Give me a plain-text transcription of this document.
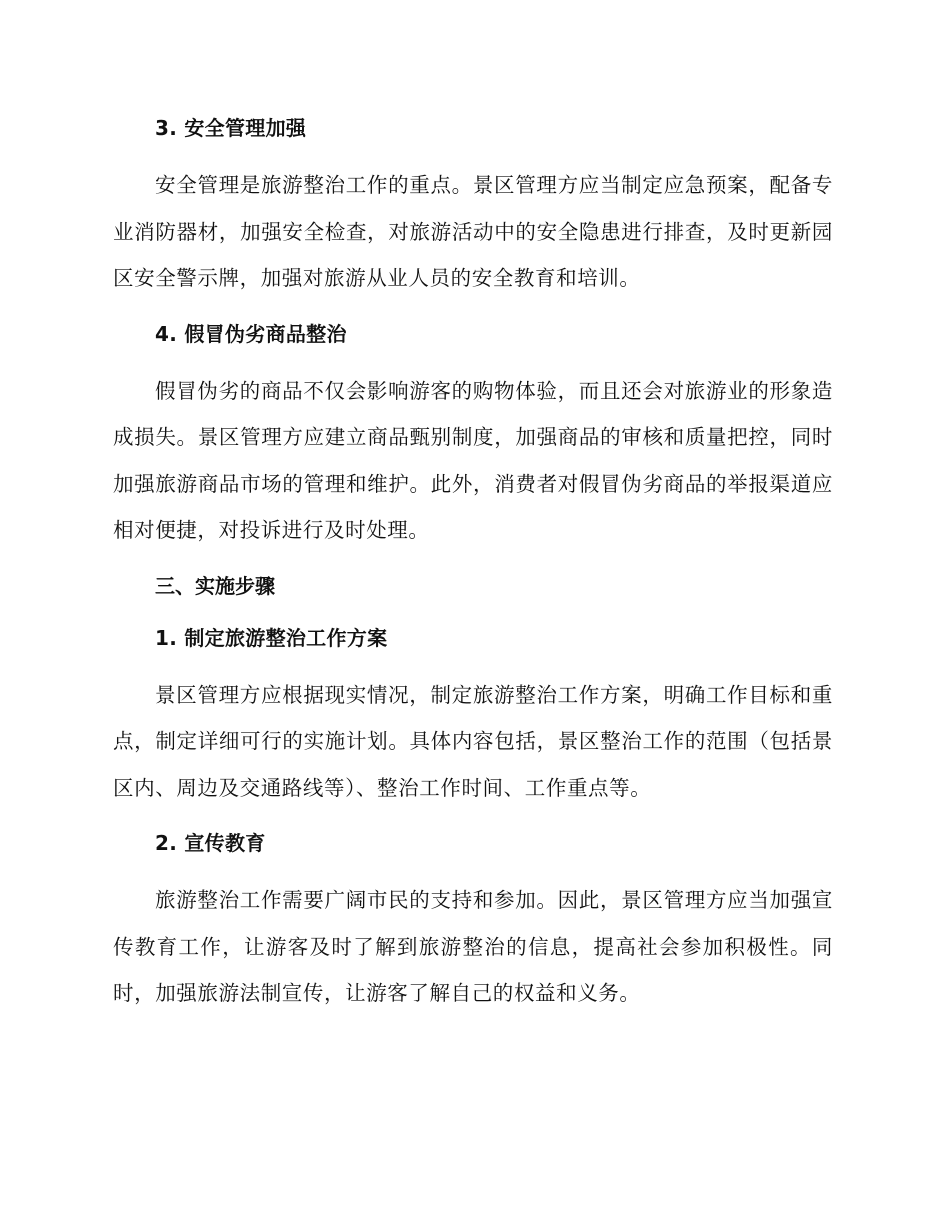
3. 安全管理加强

安全管理是旅游整治工作的重点。景区管理方应当制定应急预案，配备专业消防器材，加强安全检查，对旅游活动中的安全隐患进行排查，及时更新园区安全警示牌，加强对旅游从业人员的安全教育和培训。

4. 假冒伪劣商品整治

假冒伪劣的商品不仅会影响游客的购物体验，而且还会对旅游业的形象造成损失。景区管理方应建立商品甄别制度，加强商品的审核和质量把控，同时加强旅游商品市场的管理和维护。此外，消费者对假冒伪劣商品的举报渠道应相对便捷，对投诉进行及时处理。

三、实施步骤
1. 制定旅游整治工作方案

景区管理方应根据现实情况，制定旅游整治工作方案，明确工作目标和重点，制定详细可行的实施计划。具体内容包括，景区整治工作的范围（包括景区内、周边及交通路线等）、整治工作时间、工作重点等。

2. 宣传教育

旅游整治工作需要广阔市民的支持和参加。因此，景区管理方应当加强宣传教育工作，让游客及时了解到旅游整治的信息，提高社会参加积极性。同时，加强旅游法制宣传，让游客了解自己的权益和义务。
